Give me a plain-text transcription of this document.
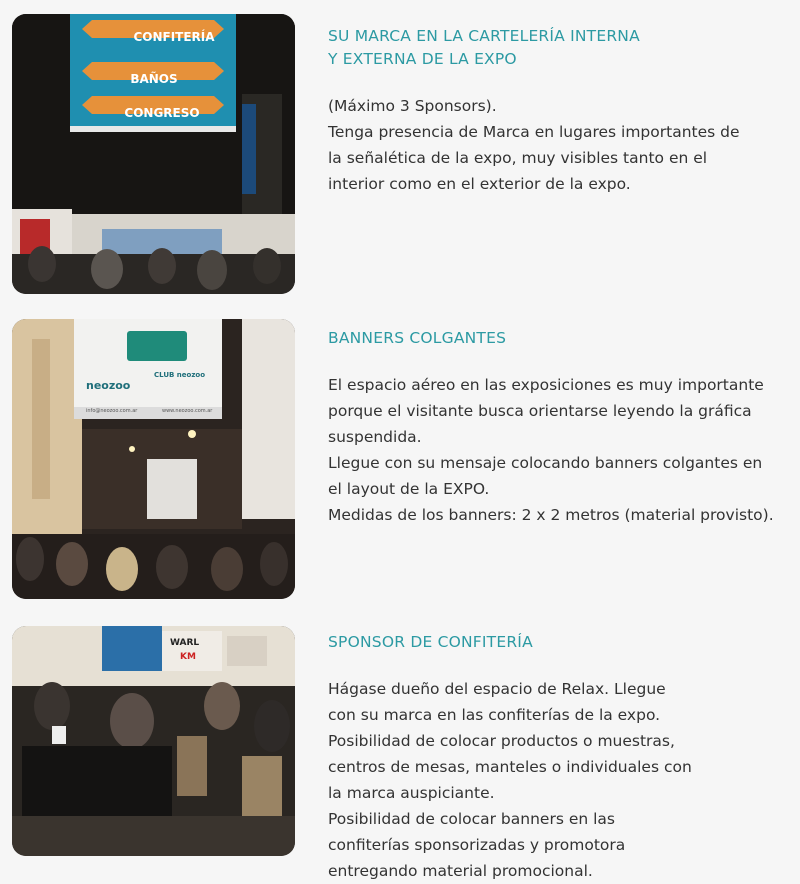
CONFITERÍA
BAÑOS
CONGRESO
SU MARCA EN LA CARTELERÍA INTERNA
Y EXTERNA DE LA EXPO
(Máximo 3 Sponsors).
Tenga presencia de Marca en lugares importantes de
la señalética de la expo, muy visibles tanto en el
interior como en el exterior de la expo.
neozoo
CLUB neozoo
info@neozoo.com.ar	www.neozoo.com.ar
BANNERS COLGANTES
El espacio aéreo en las exposiciones es muy importante
porque el visitante busca orientarse leyendo la gráfica
suspendida.
Llegue con su mensaje colocando banners colgantes en
el layout de la EXPO.
Medidas de los banners: 2 x 2 metros (material provisto).
WARL
KM
SPONSOR DE CONFITERÍA
Hágase dueño del espacio de Relax. Llegue
con su marca en las confiterías de la expo.
Posibilidad de colocar productos o muestras,
centros de mesas, manteles o individuales con
la marca auspiciante.
Posibilidad de colocar banners en las
confiterías sponsorizadas y promotora
entregando material promocional.
